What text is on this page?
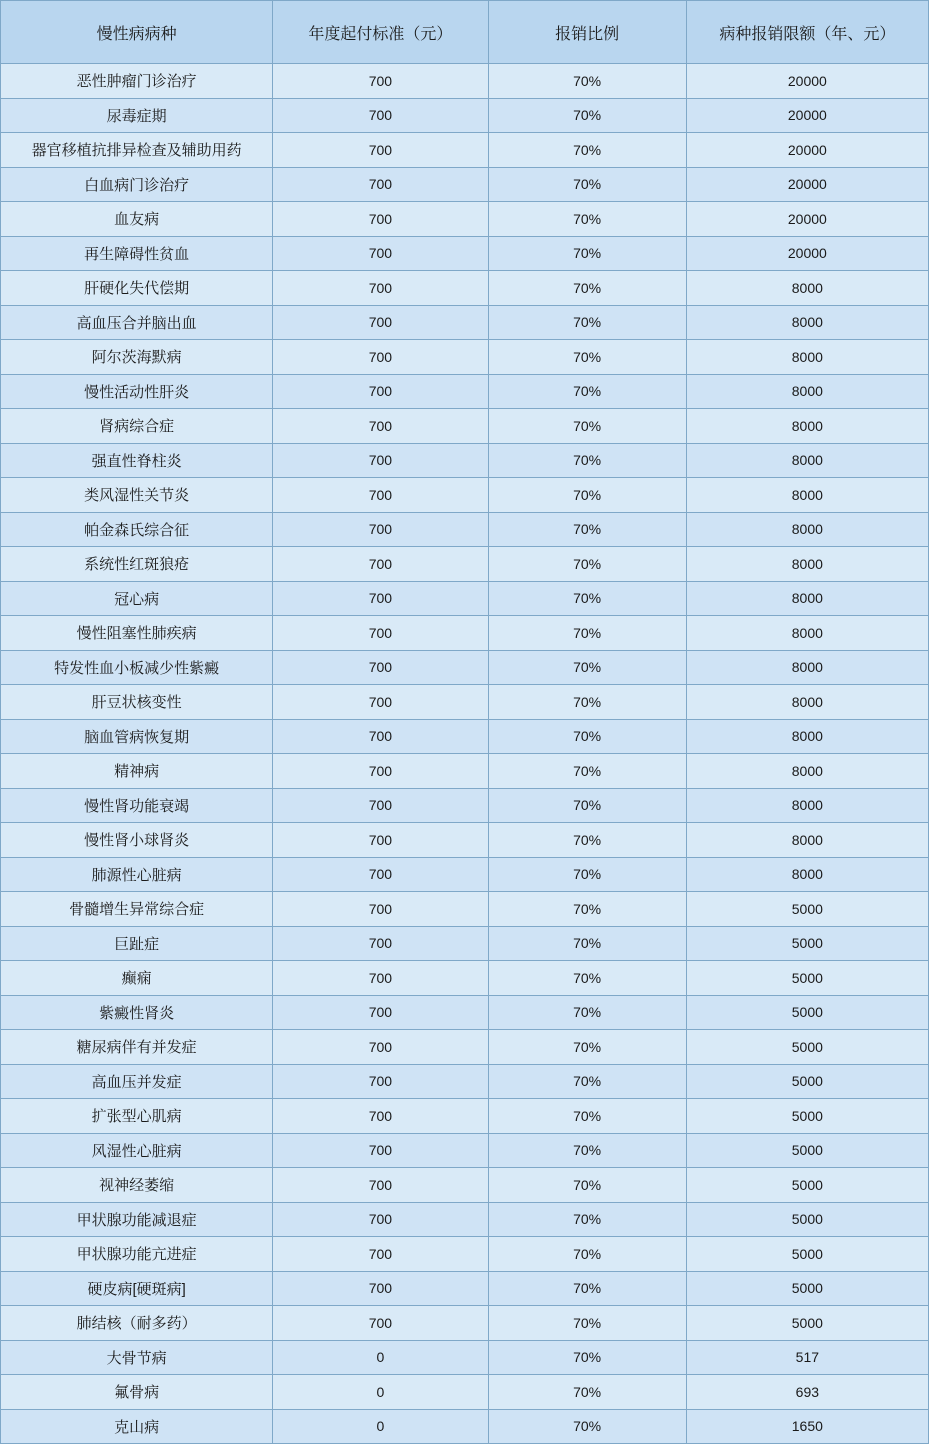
慢性病病种	年度起付标准（元）	报销比例	病种报销限额（年、元）
恶性肿瘤门诊治疗	700	70%	20000
尿毒症期	700	70%	20000
器官移植抗排异检查及辅助用药	700	70%	20000
白血病门诊治疗	700	70%	20000
血友病	700	70%	20000
再生障碍性贫血	700	70%	20000
肝硬化失代偿期	700	70%	8000
高血压合并脑出血	700	70%	8000
阿尔茨海默病	700	70%	8000
慢性活动性肝炎	700	70%	8000
肾病综合症	700	70%	8000
强直性脊柱炎	700	70%	8000
类风湿性关节炎	700	70%	8000
帕金森氏综合征	700	70%	8000
系统性红斑狼疮	700	70%	8000
冠心病	700	70%	8000
慢性阻塞性肺疾病	700	70%	8000
特发性血小板减少性紫癜	700	70%	8000
肝豆状核变性	700	70%	8000
脑血管病恢复期	700	70%	8000
精神病	700	70%	8000
慢性肾功能衰竭	700	70%	8000
慢性肾小球肾炎	700	70%	8000
肺源性心脏病	700	70%	8000
骨髓增生异常综合症	700	70%	5000
巨趾症	700	70%	5000
癫痫	700	70%	5000
紫癜性肾炎	700	70%	5000
糖尿病伴有并发症	700	70%	5000
高血压并发症	700	70%	5000
扩张型心肌病	700	70%	5000
风湿性心脏病	700	70%	5000
视神经萎缩	700	70%	5000
甲状腺功能减退症	700	70%	5000
甲状腺功能亢进症	700	70%	5000
硬皮病[硬斑病]	700	70%	5000
肺结核（耐多药）	700	70%	5000
大骨节病	0	70%	517
氟骨病	0	70%	693
克山病	0	70%	1650
